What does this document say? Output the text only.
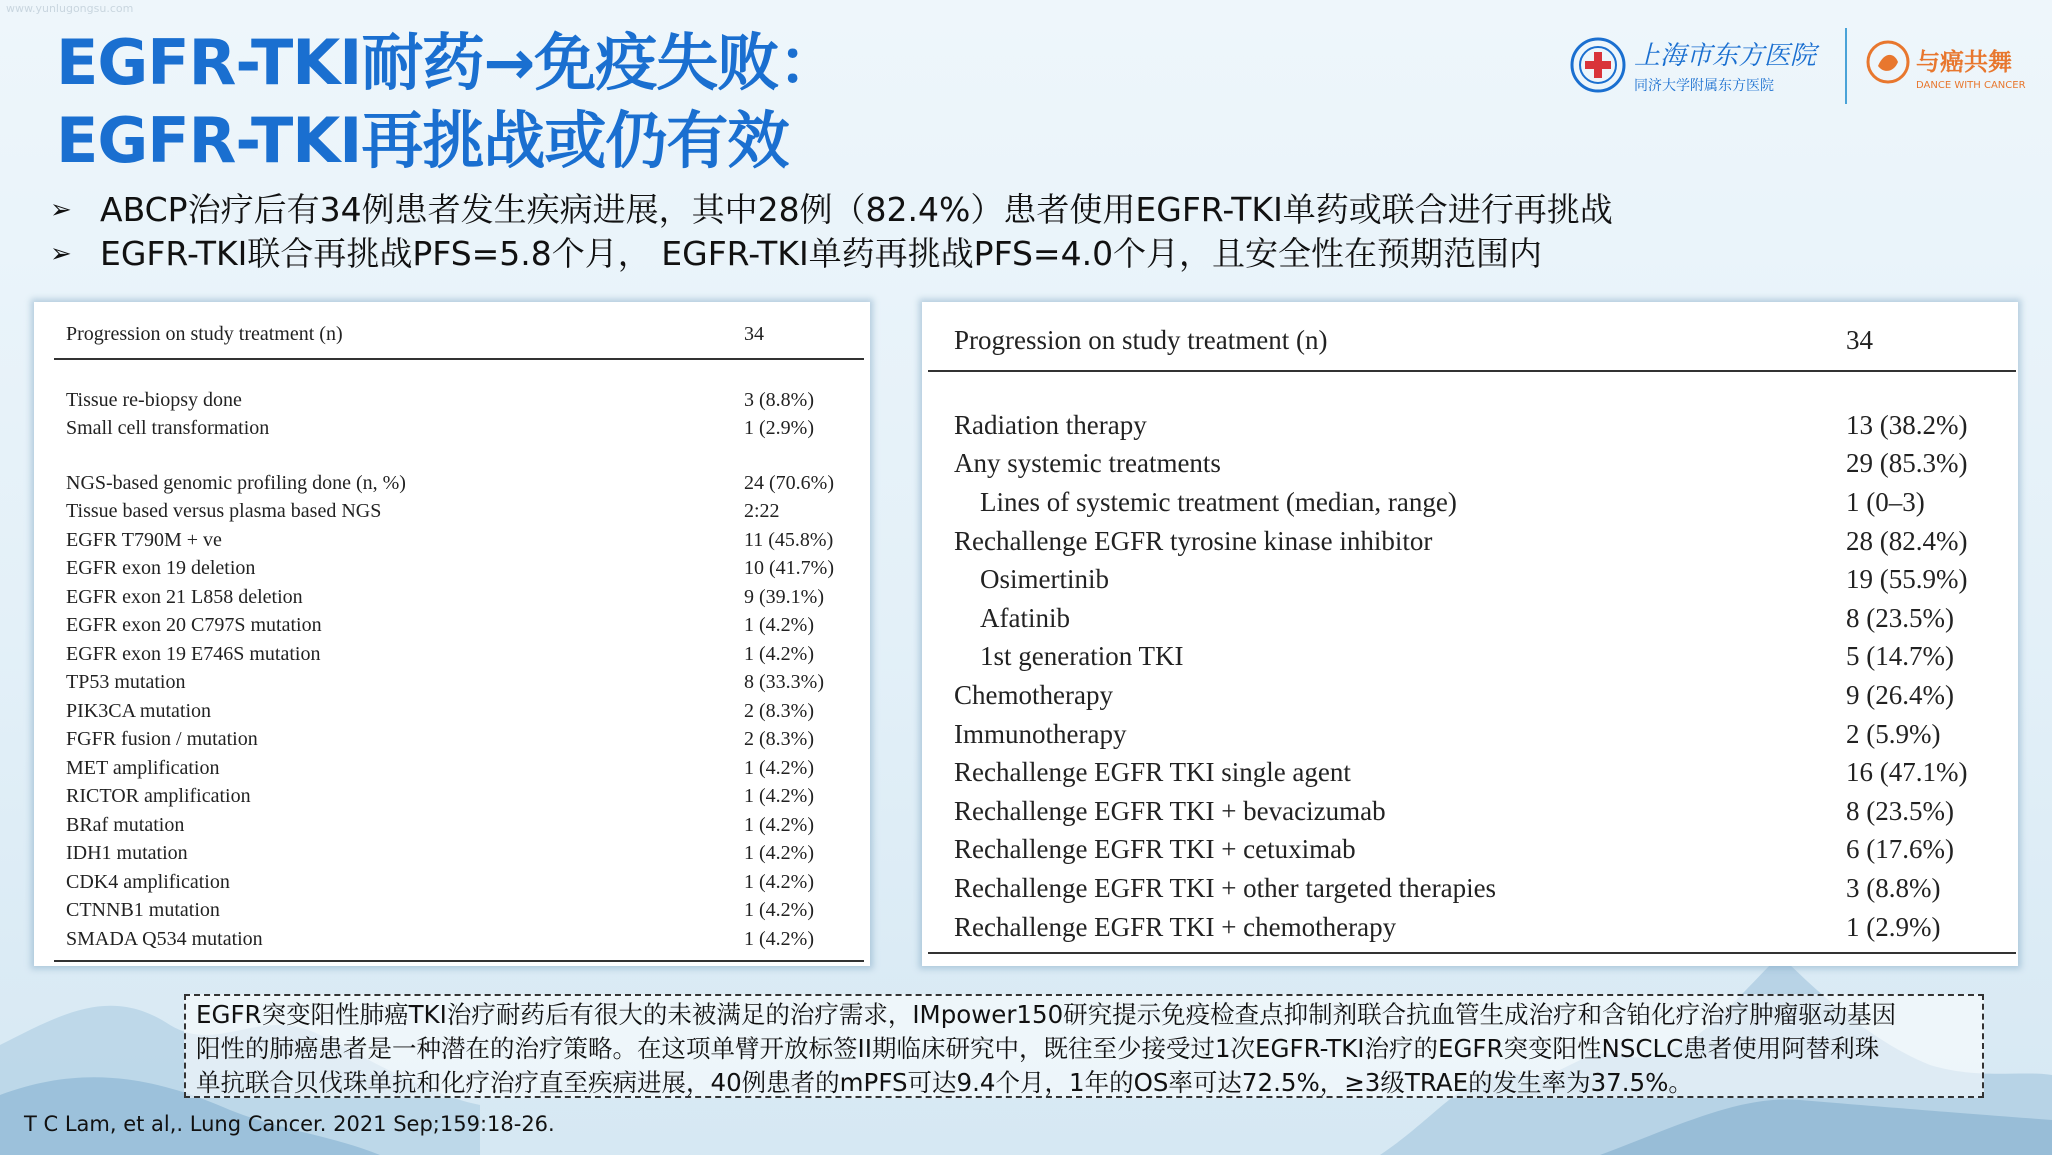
www.yunlugongsu.com
EGFR-TKI耐药→免疫失败：
EGFR-TKI再挑战或仍有效
上海市东方医院
同济大学附属东方医院
与癌共舞
DANCE WITH CANCER
➢ ABCP治疗后有34例患者发生疾病进展，其中28例（82.4%）患者使用EGFR-TKI单药或联合进行再挑战
➢ EGFR-TKI联合再挑战PFS=5.8个月， EGFR-TKI单药再挑战PFS=4.0个月，且安全性在预期范围内
Progression on study treatment (n)	34

Tissue re-biopsy done	3 (8.8%)
Small cell transformation	1 (2.9%)

NGS-based genomic profiling done (n, %)	24 (70.6%)
Tissue based versus plasma based NGS	2:22
EGFR T790M + ve	11 (45.8%)
EGFR exon 19 deletion	10 (41.7%)
EGFR exon 21 L858 deletion	9 (39.1%)
EGFR exon 20 C797S mutation	1 (4.2%)
EGFR exon 19 E746S mutation	1 (4.2%)
TP53 mutation	8 (33.3%)
PIK3CA mutation	2 (8.3%)
FGFR fusion / mutation	2 (8.3%)
MET amplification	1 (4.2%)
RICTOR amplification	1 (4.2%)
BRaf mutation	1 (4.2%)
IDH1 mutation	1 (4.2%)
CDK4 amplification	1 (4.2%)
CTNNB1 mutation	1 (4.2%)
SMADA Q534 mutation	1 (4.2%)

Progression on study treatment (n)	34

Radiation therapy	13 (38.2%)
Any systemic treatments	29 (85.3%)
Lines of systemic treatment (median, range)	1 (0–3)
Rechallenge EGFR tyrosine kinase inhibitor	28 (82.4%)
Osimertinib	19 (55.9%)
Afatinib	8 (23.5%)
1st generation TKI	5 (14.7%)
Chemotherapy	9 (26.4%)
Immunotherapy	2 (5.9%)
Rechallenge EGFR TKI single agent	16 (47.1%)
Rechallenge EGFR TKI + bevacizumab	8 (23.5%)
Rechallenge EGFR TKI + cetuximab	6 (17.6%)
Rechallenge EGFR TKI + other targeted therapies	3 (8.8%)
Rechallenge EGFR TKI + chemotherapy	1 (2.9%)

EGFR突变阳性肺癌TKI治疗耐药后有很大的未被满足的治疗需求，IMpower150研究提示免疫检查点抑制剂联合抗血管生成治疗和含铂化疗治疗肿瘤驱动基因
阳性的肺癌患者是一种潜在的治疗策略。在这项单臂开放标签II期临床研究中，既往至少接受过1次EGFR-TKI治疗的EGFR突变阳性NSCLC患者使用阿替利珠
单抗联合贝伐珠单抗和化疗治疗直至疾病进展，40例患者的mPFS可达9.4个月，1年的OS率可达72.5%，≥3级TRAE的发生率为37.5%。
T C Lam, et al,. Lung Cancer. 2021 Sep;159:18-26.
